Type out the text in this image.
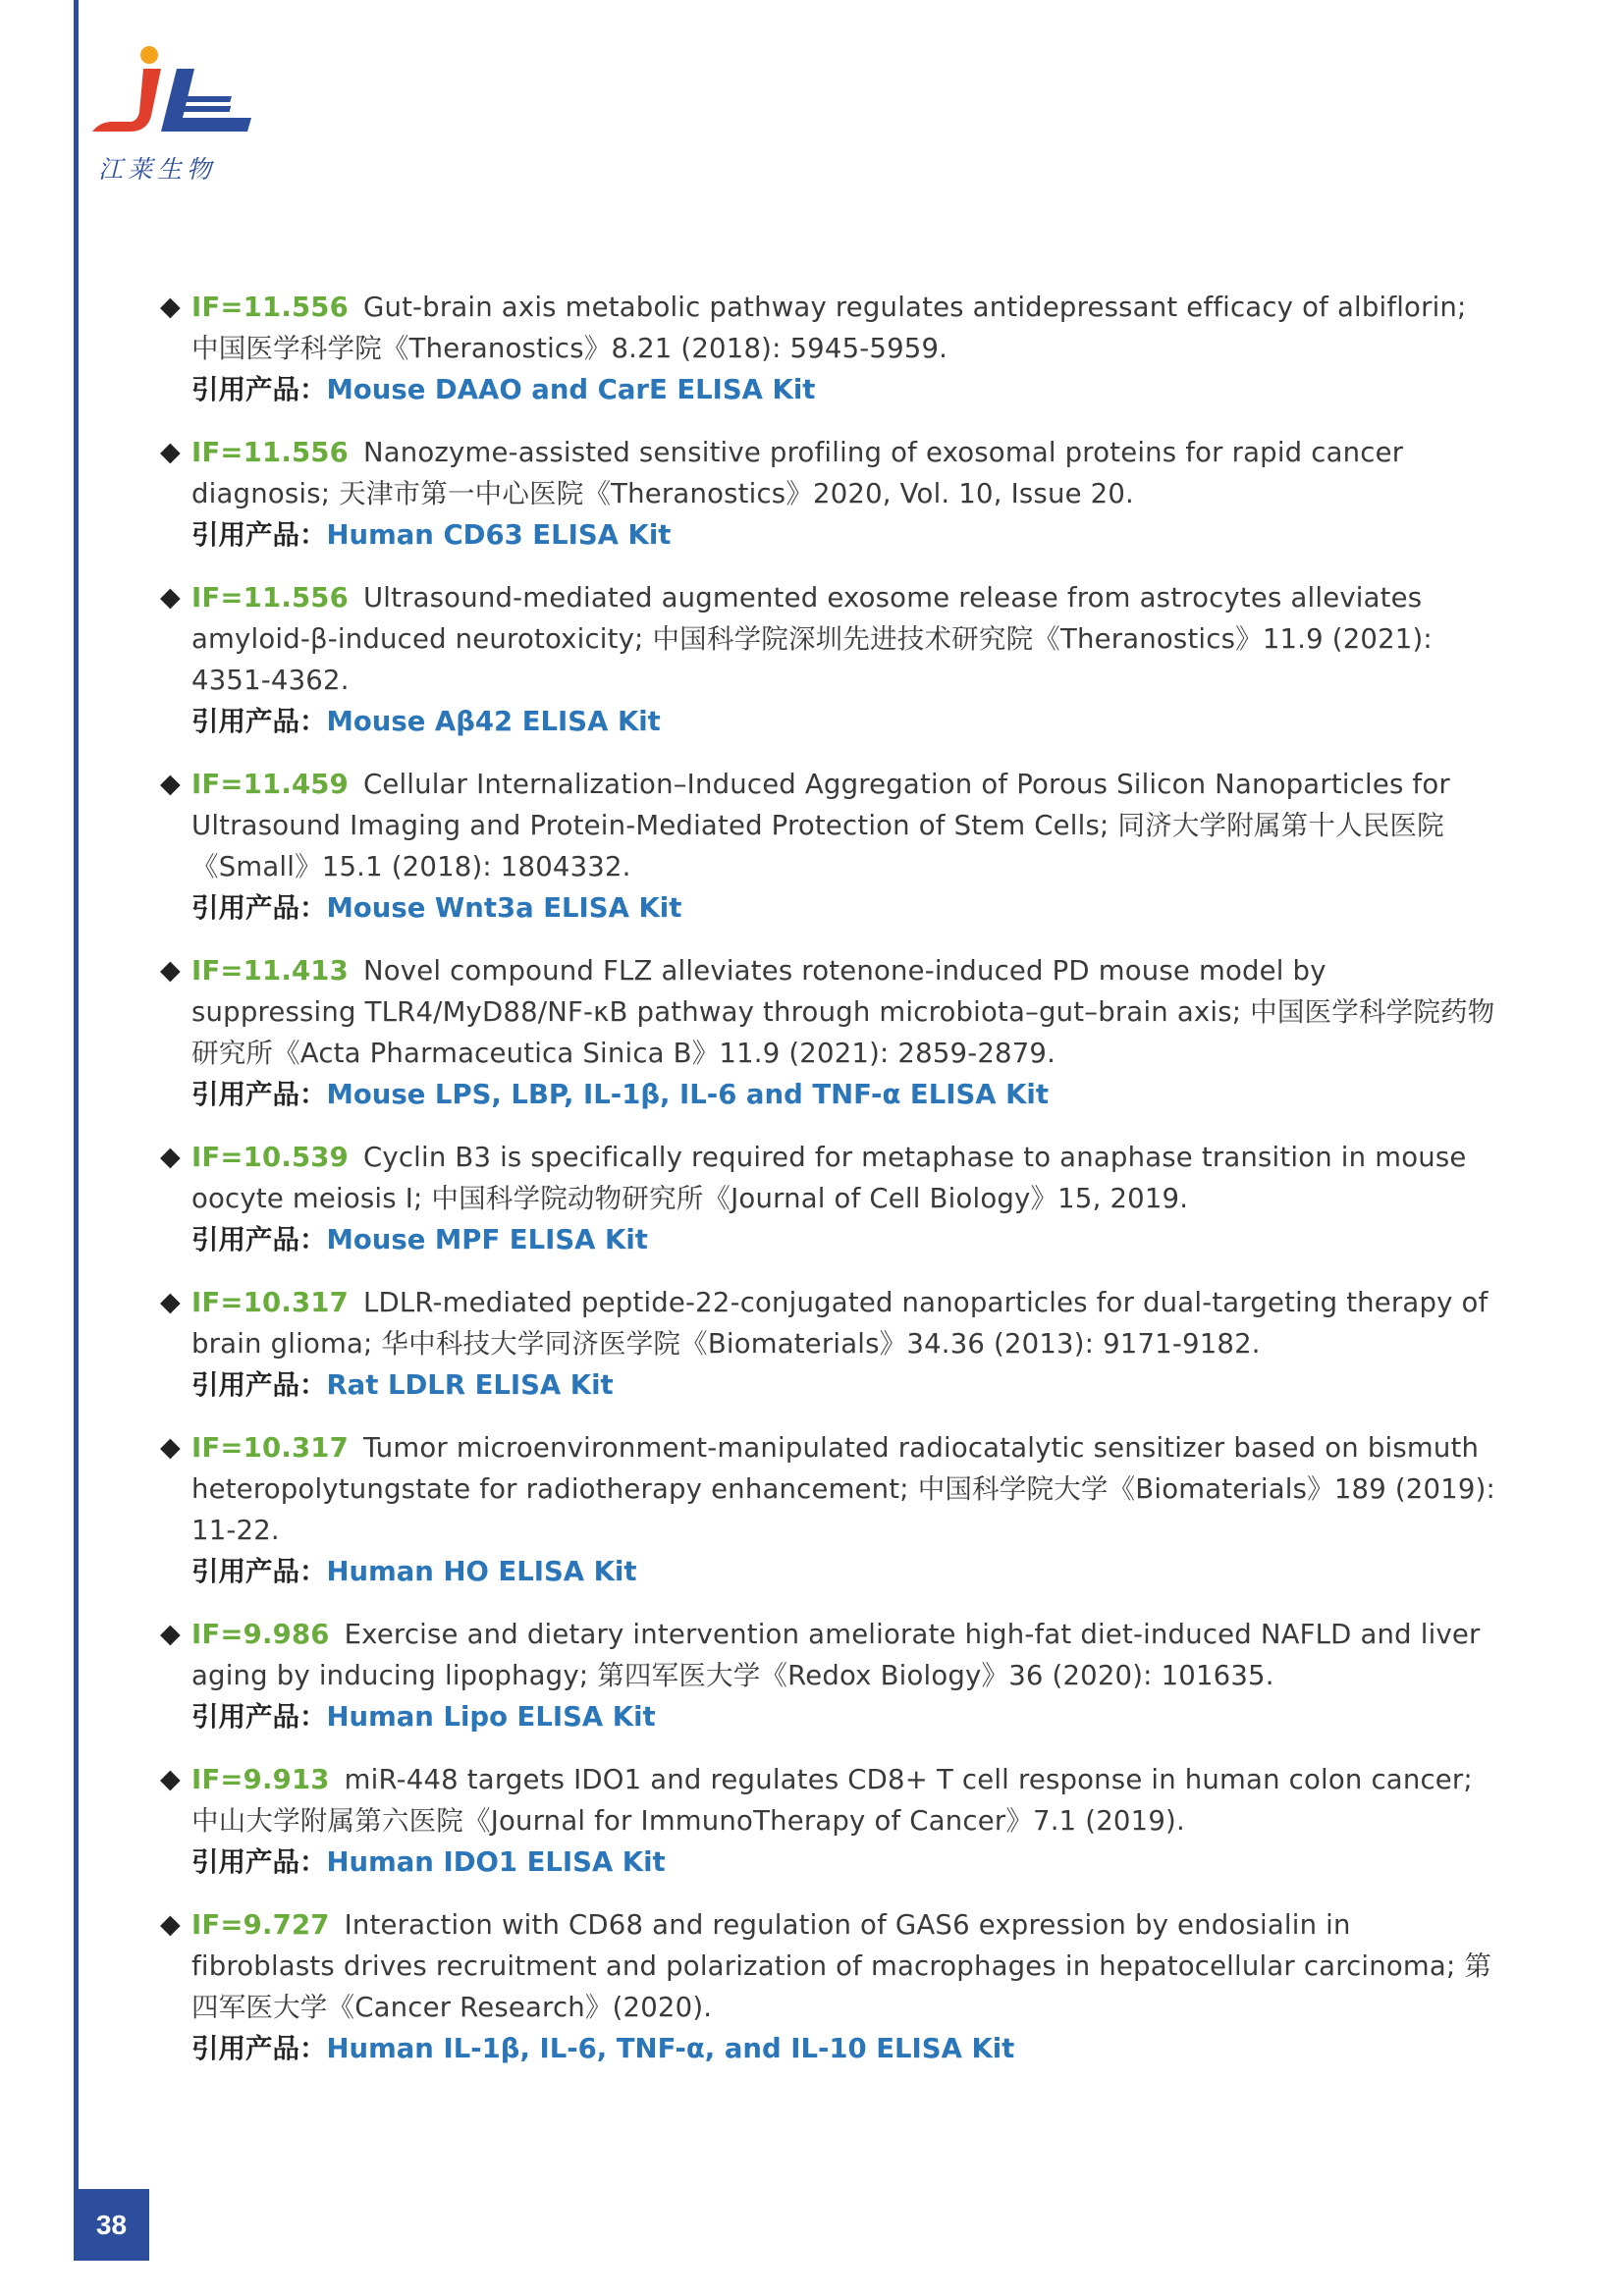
江莱生物
◆ IF=11.556 Gut-brain axis metabolic pathway regulates antidepressant efficacy of albiflorin; 中国医学科学院《Theranostics》8.21 (2018): 5945-5959.
引用产品：Mouse DAAO and CarE ELISA Kit
◆ IF=11.556 Nanozyme-assisted sensitive profiling of exosomal proteins for rapid cancer diagnosis; 天津市第一中心医院《Theranostics》2020, Vol. 10, Issue 20.
引用产品：Human CD63 ELISA Kit
◆ IF=11.556 Ultrasound-mediated augmented exosome release from astrocytes alleviates amyloid-β-induced neurotoxicity; 中国科学院深圳先进技术研究院《Theranostics》11.9 (2021): 4351-4362.
引用产品：Mouse Aβ42 ELISA Kit
◆ IF=11.459 Cellular Internalization–Induced Aggregation of Porous Silicon Nanoparticles for Ultrasound Imaging and Protein-Mediated Protection of Stem Cells; 同济大学附属第十人民医院《Small》15.1 (2018): 1804332.
引用产品：Mouse Wnt3a ELISA Kit
◆ IF=11.413 Novel compound FLZ alleviates rotenone-induced PD mouse model by suppressing TLR4/MyD88/NF-κB pathway through microbiota–gut–brain axis; 中国医学科学院药物研究所《Acta Pharmaceutica Sinica B》11.9 (2021): 2859-2879.
引用产品：Mouse LPS, LBP, IL-1β, IL-6 and TNF-α ELISA Kit
◆ IF=10.539 Cyclin B3 is specifically required for metaphase to anaphase transition in mouse oocyte meiosis I; 中国科学院动物研究所《Journal of Cell Biology》15, 2019.
引用产品：Mouse MPF ELISA Kit
◆ IF=10.317 LDLR-mediated peptide-22-conjugated nanoparticles for dual-targeting therapy of brain glioma; 华中科技大学同济医学院《Biomaterials》34.36 (2013): 9171-9182.
引用产品：Rat LDLR ELISA Kit
◆ IF=10.317 Tumor microenvironment-manipulated radiocatalytic sensitizer based on bismuth heteropolytungstate for radiotherapy enhancement; 中国科学院大学《Biomaterials》189 (2019): 11-22.
引用产品：Human HO ELISA Kit
◆ IF=9.986 Exercise and dietary intervention ameliorate high-fat diet-induced NAFLD and liver aging by inducing lipophagy; 第四军医大学《Redox Biology》36 (2020): 101635.
引用产品：Human Lipo ELISA Kit
◆ IF=9.913 miR-448 targets IDO1 and regulates CD8+ T cell response in human colon cancer; 中山大学附属第六医院《Journal for ImmunoTherapy of Cancer》7.1 (2019).
引用产品：Human IDO1 ELISA Kit
◆ IF=9.727 Interaction with CD68 and regulation of GAS6 expression by endosialin in fibroblasts drives recruitment and polarization of macrophages in hepatocellular carcinoma; 第四军医大学《Cancer Research》(2020).
引用产品：Human IL-1β, IL-6, TNF-α, and IL-10 ELISA Kit
38
